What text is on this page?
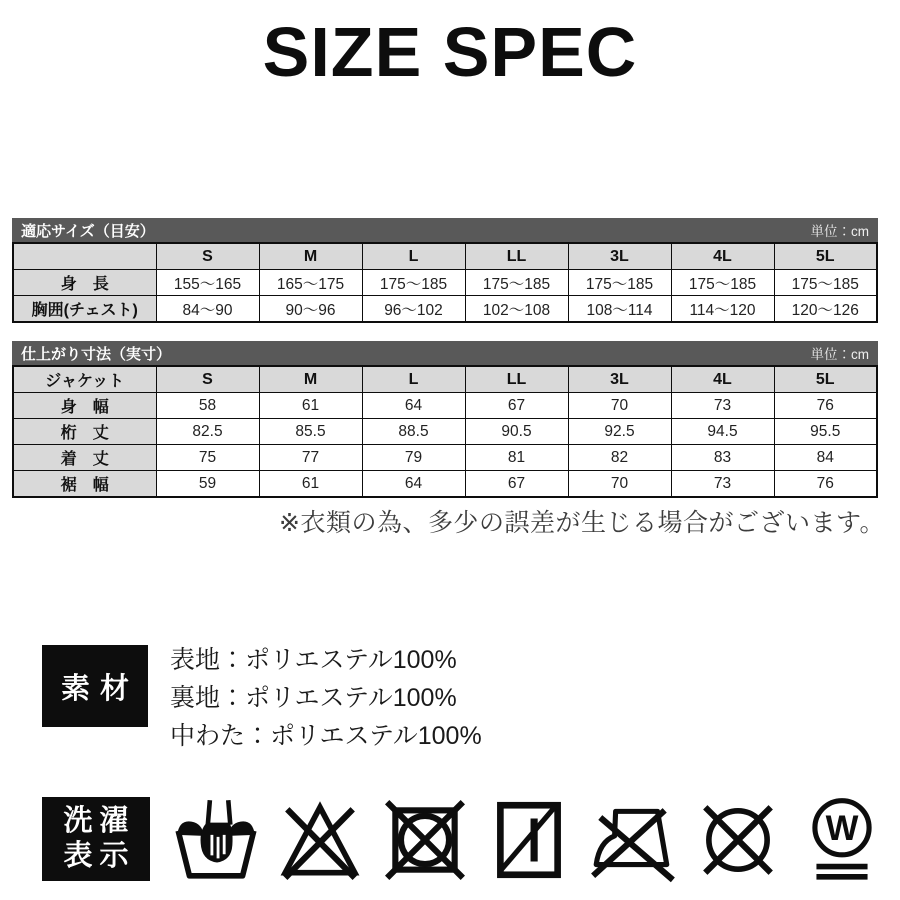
SIZE SPEC
適応サイズ（目安）	単位：cm
	S	M	L	LL	3L	4L	5L
身　長	155〜165	165〜175	175〜185	175〜185	175〜185	175〜185	175〜185
胸囲(チェスト)	84〜90	90〜96	96〜102	102〜108	108〜114	114〜120	120〜126
仕上がり寸法（実寸）	単位：cm
ジャケット	S	M	L	LL	3L	4L	5L
身　幅	58	61	64	67	70	73	76
桁　丈	82.5	85.5	88.5	90.5	92.5	94.5	95.5
着　丈	75	77	79	81	82	83	84
裾　幅	59	61	64	67	70	73	76
※衣類の為、多少の誤差が生じる場合がございます。
素材
表地：ポリエステル100%
裏地：ポリエステル100%
中わた：ポリエステル100%
洗濯
表示
W
